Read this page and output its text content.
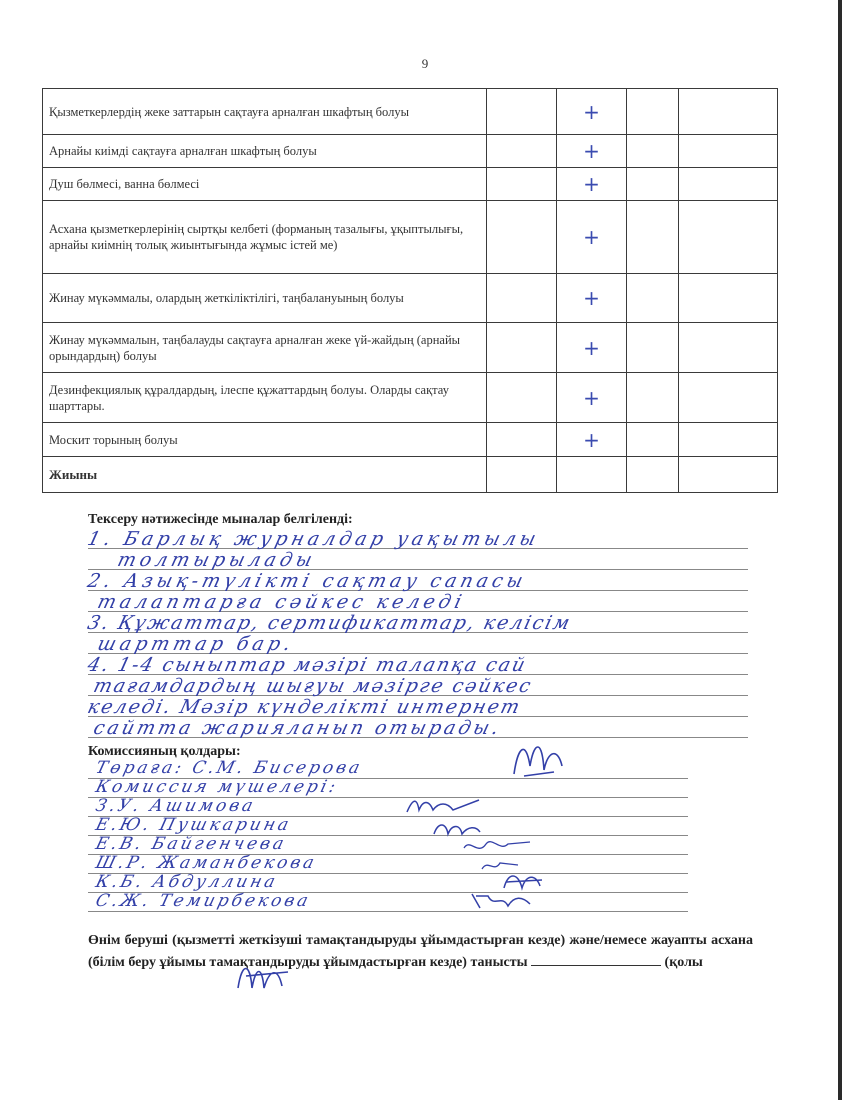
9
Қызметкерлердің жеке заттарын сақтауға арналған шкафтың болуы		+		
Арнайы киімді сақтауға арналған шкафтың болуы		+		
Душ бөлмесі, ванна бөлмесі		+		
Асхана қызметкерлерінің сыртқы келбеті (форманың тазалығы, ұқыптылығы, арнайы киімнің толық жиынтығында жұмыс істей ме)		+		
Жинау мүкәммалы, олардың жеткіліктілігі, таңбалануының болуы		+		
Жинау мүкәммалын, таңбалауды сақтауға арналған жеке үй-жайдың (арнайы орындардың) болуы		+		
Дезинфекциялық құралдардың, ілеспе құжаттардың болуы. Оларды сақтау шарттары.		+		
Москит торының болуы		+		
Жиыны				
Тексеру нәтижесінде мыналар белгіленді:
1. Барлық журналдар уақытылы
толтырылады
2. Азық-түлікті сақтау сапасы
талаптарға сәйкес келеді
3. Құжаттар, сертификаттар, келісім
шарттар бар.
4. 1-4 сыныптар мәзірі талапқа сай
тағамдардың шығуы мәзірге сәйкес
келеді. Мәзір күнделікті интернет
сайтта жарияланып отырады.
Комиссияның қолдары:
Төраға: С.М. Бисерова
Комиссия мүшелері:
З.У. Ашимова
Е.Ю. Пушкарина
Е.В. Байгенчева
Ш.Р. Жаманбекова
К.Б. Абдуллина
С.Ж. Темирбекова
Өнім беруші (қызметті жеткізуші тамақтандыруды ұйымдастырған кезде) және/немесе жауапты асхана (білім беру ұйымы тамақтандыруды ұйымдастырған кезде) танысты	(қолы
